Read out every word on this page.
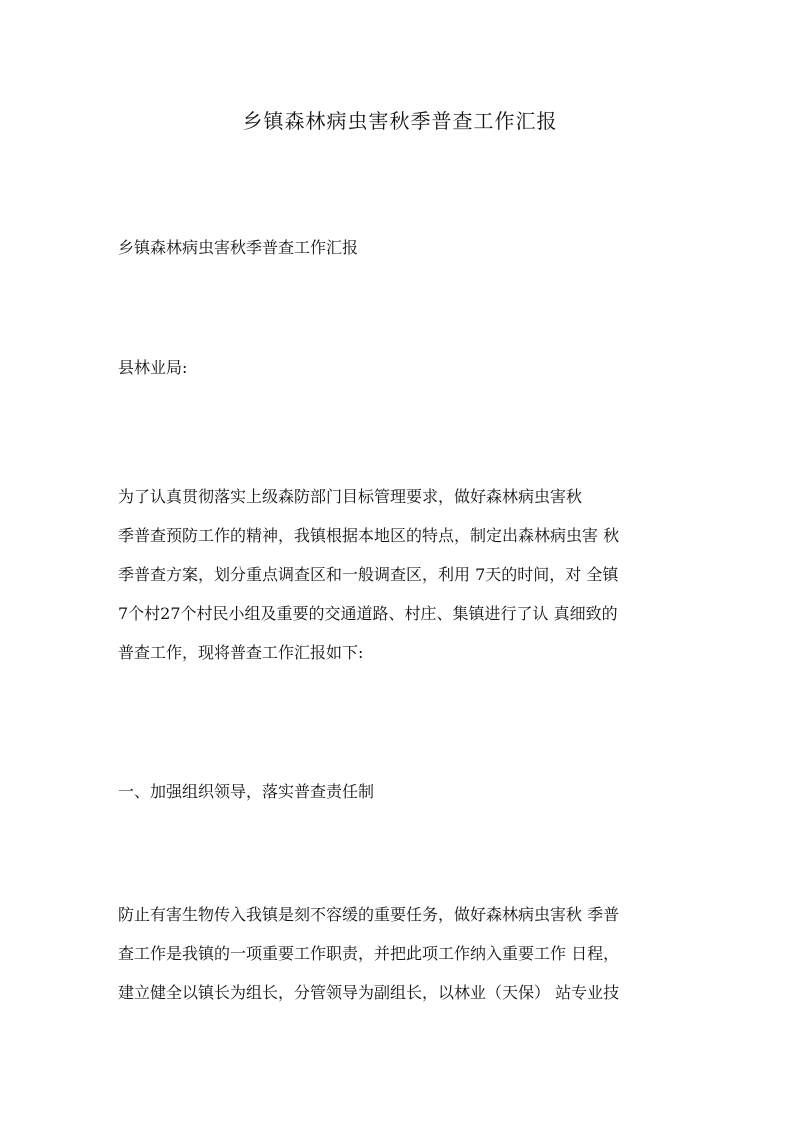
乡镇森林病虫害秋季普查工作汇报
乡镇森林病虫害秋季普查工作汇报
县林业局:
为了认真贯彻落实上级森防部门目标管理要求，做好森林病虫害秋
季普查预防工作的精神，我镇根据本地区的特点，制定出森林病虫害 秋
季普查方案，划分重点调查区和一般调查区，利用 7天的时间，对 全镇
7个村27个村民小组及重要的交通道路、村庄、集镇进行了认 真细致的
普查工作，现将普查工作汇报如下:
一、加强组织领导，落实普查责任制
防止有害生物传入我镇是刻不容缓的重要任务，做好森林病虫害秋 季普
查工作是我镇的一项重要工作职责，并把此项工作纳入重要工作 日程，
建立健全以镇长为组长，分管领导为副组长，以林业（天保） 站专业技
